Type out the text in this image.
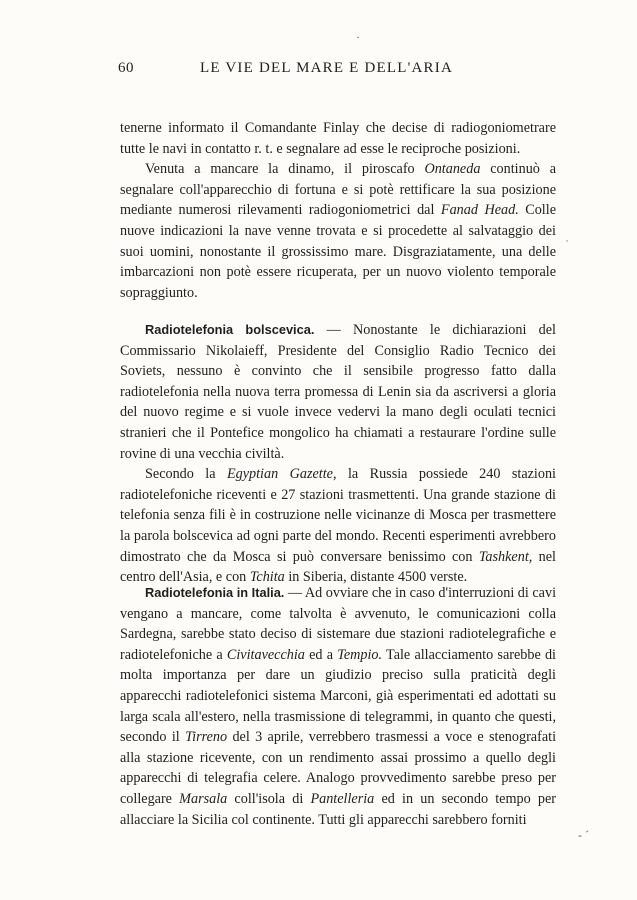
60	LE VIE DEL MARE E DELL'ARIA

tenerne informato il Comandante Finlay che decise di radiogoniometrare tutte le navi in contatto r. t. e segnalare ad esse le reciproche posizioni.

Venuta a mancare la dinamo, il piroscafo Ontaneda continuò a segnalare coll'apparecchio di fortuna e si potè rettificare la sua posizione mediante numerosi rilevamenti radiogoniometrici dal Fanad Head. Colle nuove indicazioni la nave venne trovata e si procedette al salvataggio dei suoi uomini, nonostante il grossissimo mare. Disgraziatamente, una delle imbarcazioni non potè essere ricuperata, per un nuovo violento temporale sopraggiunto.

Radiotelefonia bolscevica. — Nonostante le dichiarazioni del Commissario Nikolaieff, Presidente del Consiglio Radio Tecnico dei Soviets, nessuno è convinto che il sensibile progresso fatto dalla radiotelefonia nella nuova terra promessa di Lenin sia da ascriversi a gloria del nuovo regime e si vuole invece vedervi la mano degli oculati tecnici stranieri che il Pontefice mongolico ha chiamati a restaurare l'ordine sulle rovine di una vecchia civiltà.

Secondo la Egyptian Gazette, la Russia possiede 240 stazioni radiotelefoniche riceventi e 27 stazioni trasmettenti. Una grande stazione di telefonia senza fili è in costruzione nelle vicinanze di Mosca per trasmettere la parola bolscevica ad ogni parte del mondo. Recenti esperimenti avrebbero dimostrato che da Mosca si può conversare benissimo con Tashkent, nel centro dell'Asia, e con Tchita in Siberia, distante 4500 verste.

Radiotelefonia in Italia. — Ad ovviare che in caso d'interruzioni di cavi vengano a mancare, come talvolta è avvenuto, le comunicazioni colla Sardegna, sarebbe stato deciso di sistemare due stazioni radiotelegrafiche e radiotelefoniche a Civitavecchia ed a Tempio. Tale allacciamento sarebbe di molta importanza per dare un giudizio preciso sulla praticità degli apparecchi radiotelefonici sistema Marconi, già esperimentati ed adottati su larga scala all'estero, nella trasmissione di telegrammi, in quanto che questi, secondo il Tirreno del 3 aprile, verrebbero trasmessi a voce e stenografati alla stazione ricevente, con un rendimento assai prossimo a quello degli apparecchi di telegrafia celere. Analogo provvedimento sarebbe preso per collegare Marsala coll'isola di Pantelleria ed in un secondo tempo per allacciare la Sicilia col continente. Tutti gli apparecchi sarebbero forniti

·
˙
- ´
